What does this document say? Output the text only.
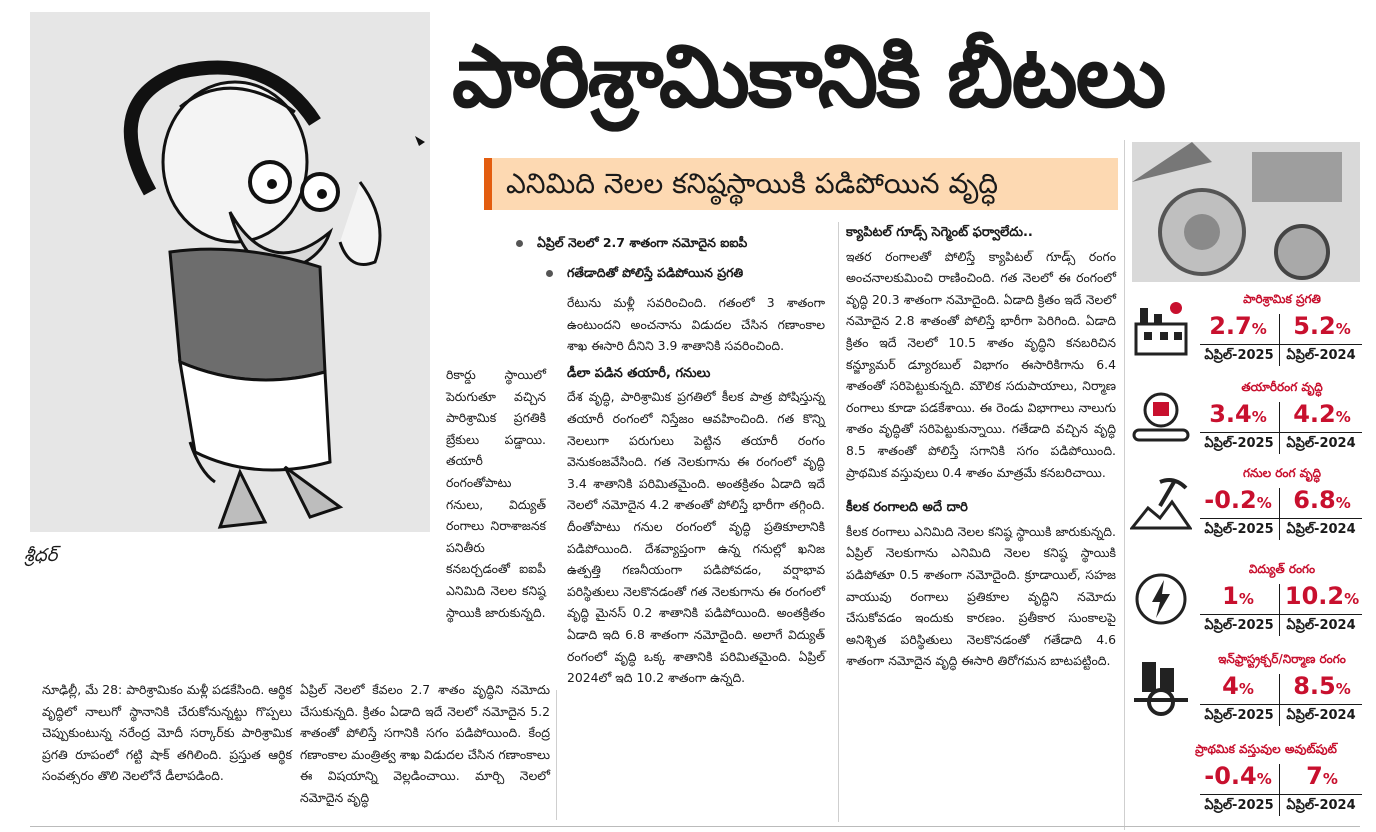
పారిశ్రామికానికి బీటలు
శ్రీధర్
ఎనిమిది నెలల కనిష్ఠస్థాయికి పడిపోయిన వృద్ధి
ఏప్రిల్ నెలలో 2.7 శాతంగా నమోదైన ఐఐపీ
గతేడాదితో పోలిస్తే పడిపోయిన ప్రగతి

రికార్డు స్థాయిలో పెరుగుతూ వచ్చిన పారిశ్రామిక ప్రగతికి బ్రేకులు పడ్డాయి. తయారీ రంగంతోపాటు గనులు, విద్యుత్ రంగాలు నిరాశాజనక పనితీరు కనబర్చడంతో ఐఐపీ ఎనిమిది నెలల కనిష్ఠ స్థాయికి జారుకున్నది.

నూఢిల్లీ, మే 28: పారిశ్రామికం మళ్లీ పడకేసింది. ఆర్థిక వృద్ధిలో నాలుగో స్థానానికి చేరుకోనున్నట్టు గొప్పలు చెప్పుకుంటున్న నరేంద్ర మోదీ సర్కార్‌కు పారిశ్రామిక ప్రగతి రూపంలో గట్టి షాక్ తగిలింది. ప్రస్తుత ఆర్థిక సంవత్సరం తొలి నెలలోనే డీలాపడింది.

ఏప్రిల్ నెలలో కేవలం 2.7 శాతం వృద్ధిని నమోదు చేసుకున్నది. క్రితం ఏడాది ఇదే నెలలో నమోదైన 5.2 శాతంతో పోలిస్తే సగానికి సగం పడిపోయింది. కేంద్ర గణాంకాల మంత్రిత్వ శాఖ విడుదల చేసిన గణాంకాలు ఈ విషయాన్ని వెల్లడించాయి. మార్చి నెలలో నమోదైన వృద్ధి

రేటును మళ్లీ సవరించింది. గతంలో 3 శాతంగా ఉంటుందని అంచనాను విడుదల చేసిన గణాంకాల శాఖ ఈసారి దీనిని 3.9 శాతానికి సవరించింది.

డీలా పడిన తయారీ, గనులు

దేశ వృద్ధి, పారిశ్రామిక ప్రగతిలో కీలక పాత్ర పోషిస్తున్న తయారీ రంగంలో నిస్తేజం ఆవహించింది. గత కొన్ని నెలలుగా పరుగులు పెట్టిన తయారీ రంగం వెనుకంజవేసింది. గత నెలకుగాను ఈ రంగంలో వృద్ధి 3.4 శాతానికి పరిమితమైంది. అంతక్రితం ఏడాది ఇదే నెలలో నమోదైన 4.2 శాతంతో పోలిస్తే భారీగా తగ్గింది. దీంతోపాటు గనుల రంగంలో వృద్ధి ప్రతికూలానికి పడిపోయింది. దేశవ్యాప్తంగా ఉన్న గనుల్లో ఖనిజ ఉత్పత్తి గణనీయంగా పడిపోవడం, వర్షాభావ పరిస్థితులు నెలకొనడంతో గత నెలకుగాను ఈ రంగంలో వృద్ధి మైనస్ 0.2 శాతానికి పడిపోయింది. అంతక్రితం ఏడాది ఇది 6.8 శాతంగా నమోదైంది. అలాగే విద్యుత్ రంగంలో వృద్ధి ఒక్క శాతానికి పరిమితమైంది. ఏప్రిల్ 2024లో ఇది 10.2 శాతంగా ఉన్నది.

క్యాపిటల్ గూడ్స్ సెగ్మెంట్ ఫర్వాలేదు..

ఇతర రంగాలతో పోలిస్తే క్యాపిటల్ గూడ్స్ రంగం అంచనాలకుమించి రాణించింది. గత నెలలో ఈ రంగంలో వృద్ధి 20.3 శాతంగా నమోదైంది. ఏడాది క్రితం ఇదే నెలలో నమోదైన 2.8 శాతంతో పోలిస్తే భారీగా పెరిగింది. ఏడాది క్రితం ఇదే నెలలో 10.5 శాతం వృద్ధిని కనబరిచిన కన్జ్యూమర్ డ్యూరబుల్ విభాగం ఈసారికిగాను 6.4 శాతంతో సరిపెట్టుకున్నది. మౌలిక సదుపాయాలు, నిర్మాణ రంగాలు కూడా పడకేశాయి. ఈ రెండు విభాగాలు నాలుగు శాతం వృద్ధితో సరిపెట్టుకున్నాయి. గతేడాది వచ్చిన వృద్ధి 8.5 శాతంతో పోలిస్తే సగానికి సగం పడిపోయింది. ప్రాథమిక వస్తువులు 0.4 శాతం మాత్రమే కనబరిచాయి.

కీలక రంగాలది అదే దారి

కీలక రంగాలు ఎనిమిది నెలల కనిష్ఠ స్థాయికి జారుకున్నది. ఏప్రిల్ నెలకుగాను ఎనిమిది నెలల కనిష్ఠ స్థాయికి పడిపోతూ 0.5 శాతంగా నమోదైంది. క్రూడాయిల్, సహజ వాయువు రంగాలు ప్రతికూల వృద్ధిని నమోదు చేసుకోవడం ఇందుకు కారణం. ప్రతీకార సుంకాలపై అనిశ్చిత పరిస్థితులు నెలకొనడంతో గతేడాది 4.6 శాతంగా నమోదైన వృద్ధి ఈసారి తిరోగమన బాటపట్టింది.

పారిశ్రామిక ప్రగతి
2.7%	5.2%
ఏప్రిల్-2025 ఏప్రిల్-2024
తయారీరంగ వృద్ధి
3.4%	4.2%
ఏప్రిల్-2025 ఏప్రిల్-2024
గనుల రంగ వృద్ధి
-0.2% 6.8%
ఏప్రిల్-2025 ఏప్రిల్-2024
విద్యుత్ రంగం
1%	10.2%
ఏప్రిల్-2025 ఏప్రిల్-2024
ఇన్‌ఫ్రాస్ట్రక్చర్/నిర్మాణ రంగం
4%	8.5%
ఏప్రిల్-2025 ఏప్రిల్-2024
ప్రాథమిక వస్తువుల అవుట్‌పుట్
-0.4%	7%
ఏప్రిల్-2025 ఏప్రిల్-2024
